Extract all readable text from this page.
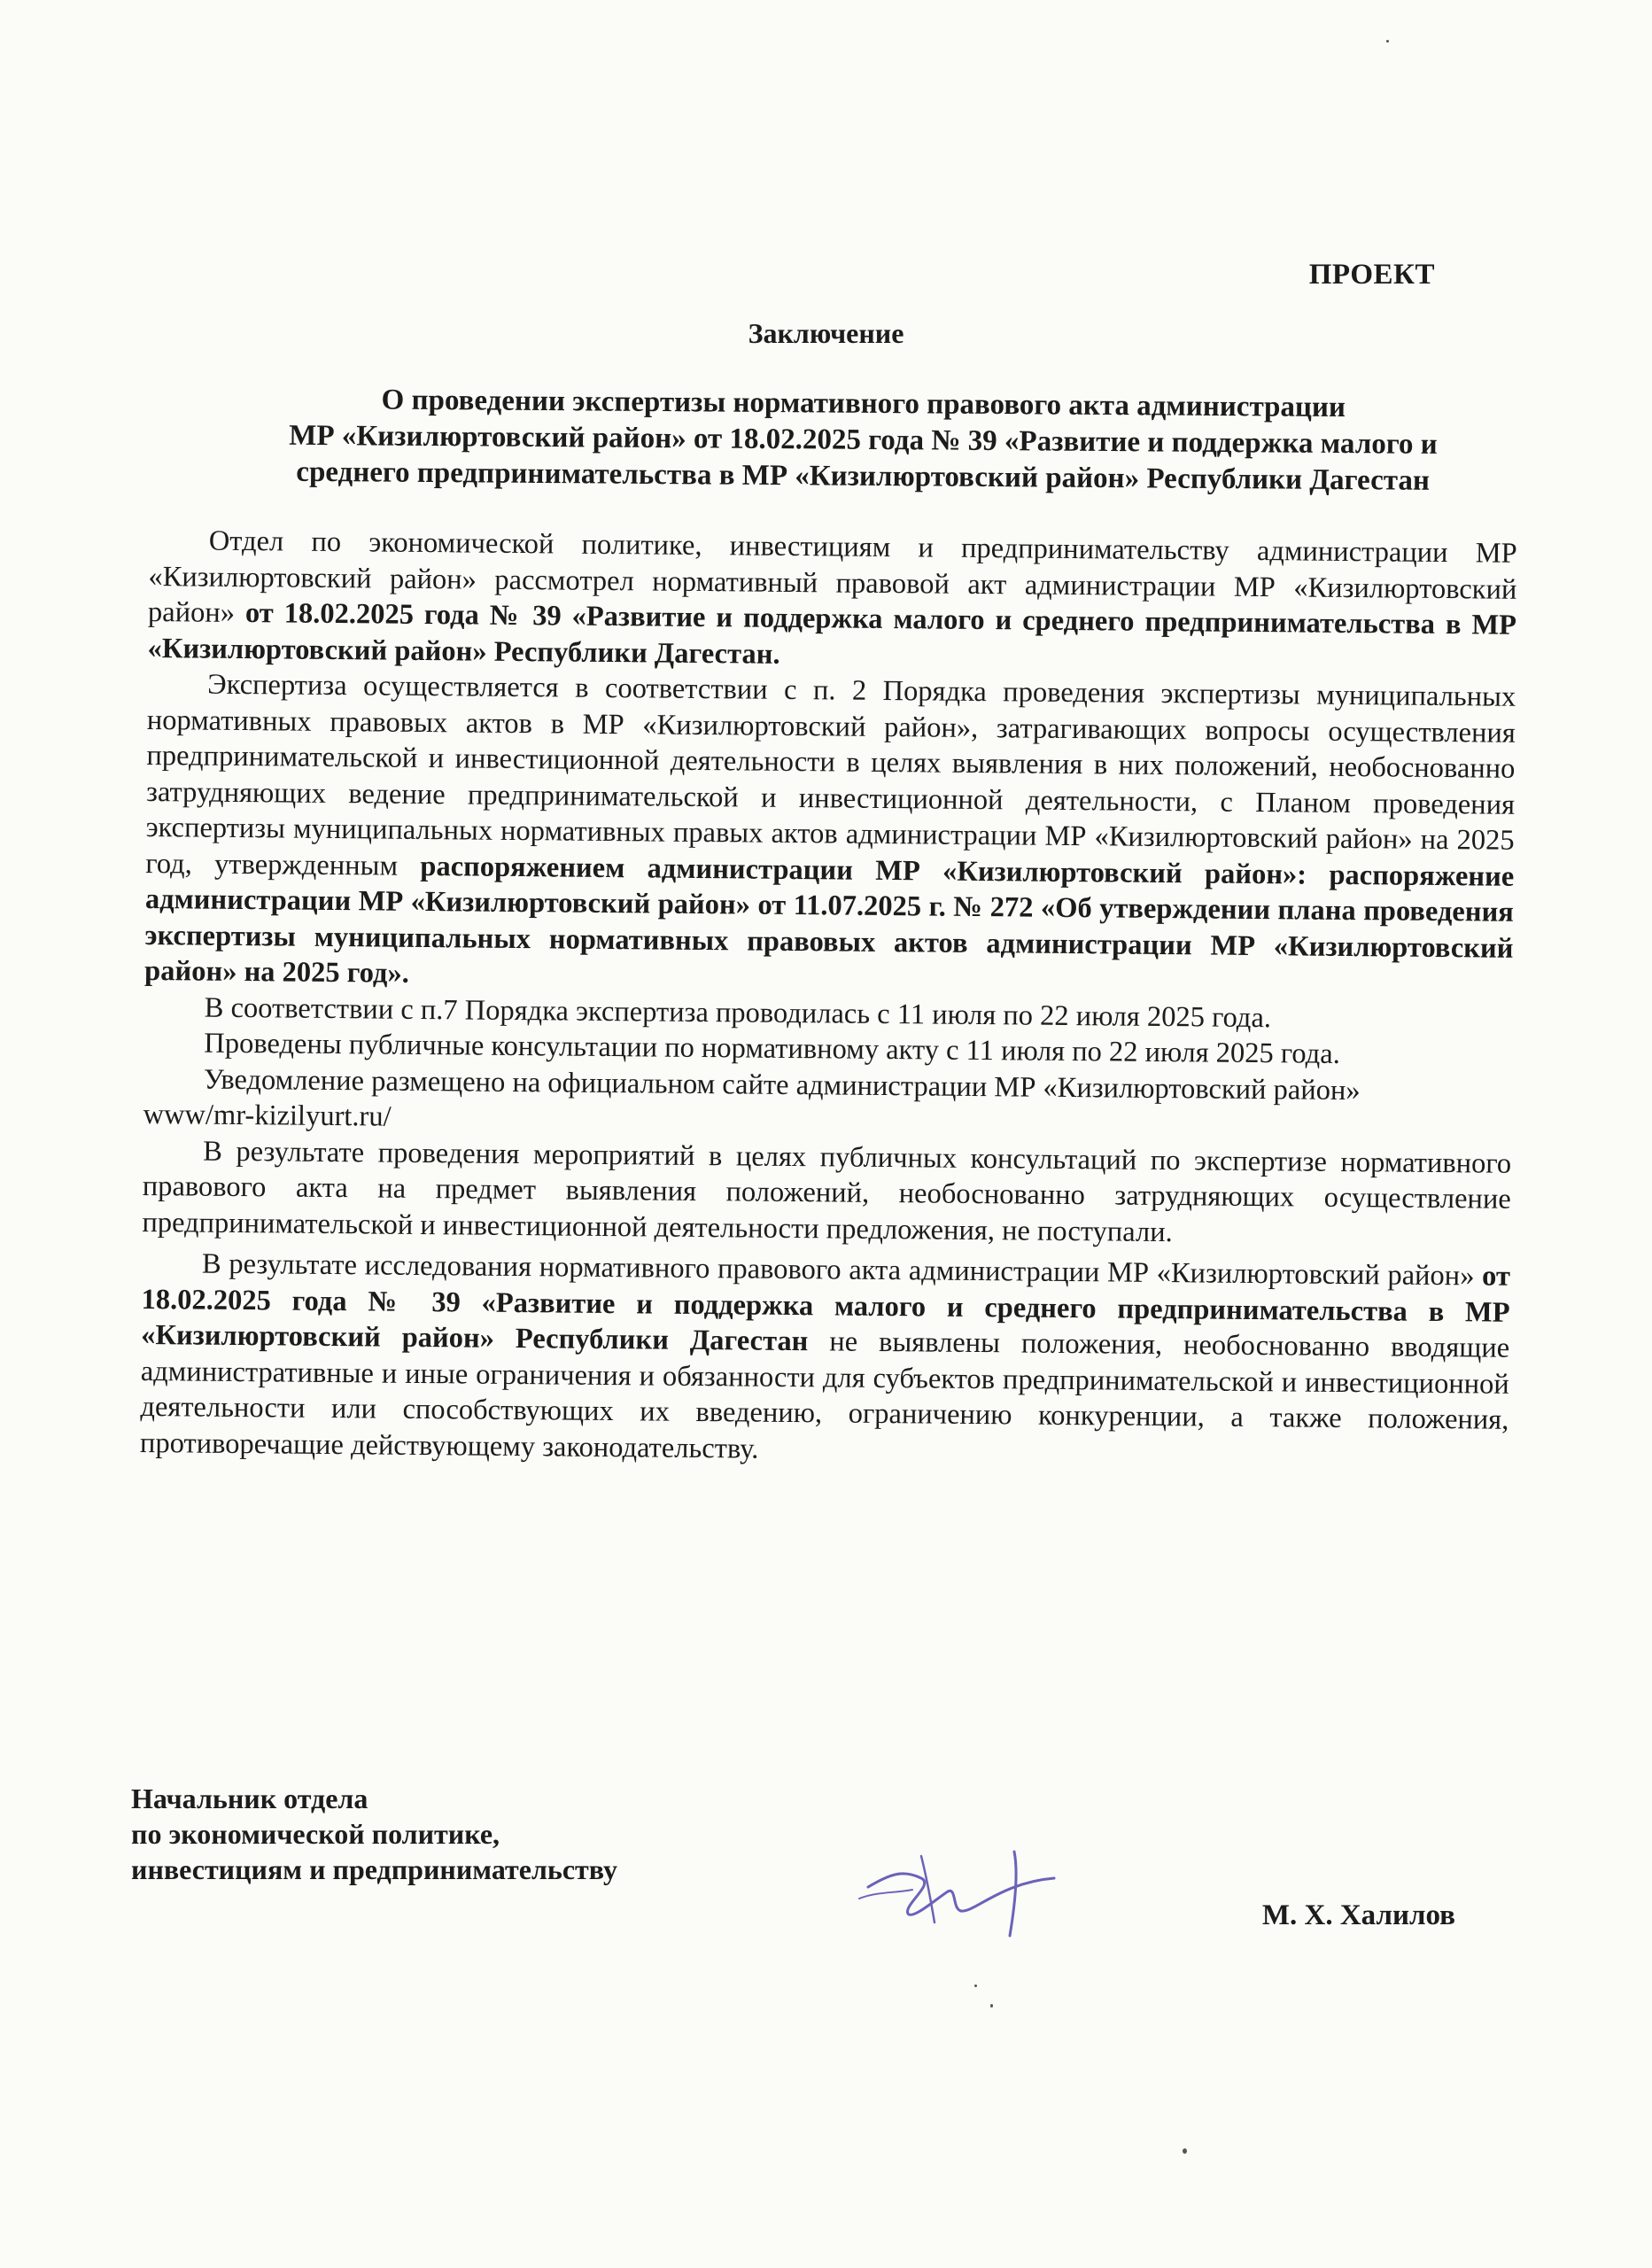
ПРОЕКТ
Заключение
О проведении экспертизы нормативного правового акта администрации
МР «Кизилюртовский район» от 18.02.2025 года № 39 «Развитие и поддержка малого и
среднего предпринимательства в МР «Кизилюртовский район» Республики Дагестан

Отдел по экономической политике, инвестициям и предпринимательству администрации МР «Кизилюртовский район» рассмотрел нормативный правовой акт администрации МР «Кизилюртовский район» от 18.02.2025 года № 39 «Развитие и поддержка малого и среднего предпринимательства в МР «Кизилюртовский район» Республики Дагестан.

Экспертиза осуществляется в соответствии с п. 2 Порядка проведения экспертизы муниципальных нормативных правовых актов в МР «Кизилюртовский район», затрагивающих вопросы осуществления предпринимательской и инвестиционной деятельности в целях выявления в них положений, необоснованно затрудняющих ведение предпринимательской и инвестиционной деятельности, с Планом проведения экспертизы муниципальных нормативных правых актов администрации МР «Кизилюртовский район» на 2025 год, утвержденным распоряжением администрации МР «Кизилюртовский район»: распоряжение администрации МР «Кизилюртовский район» от 11.07.2025 г. № 272 «Об утверждении плана проведения экспертизы муниципальных нормативных правовых актов администрации МР «Кизилюртовский район» на 2025 год».

В соответствии с п.7 Порядка экспертиза проводилась с 11 июля по 22 июля 2025 года.

Проведены публичные консультации по нормативному акту с 11 июля по 22 июля 2025 года.

Уведомление размещено на официальном сайте администрации МР «Кизилюртовский район»

www/mr-kizilyurt.ru/

В результате проведения мероприятий в целях публичных консультаций по экспертизе нормативного правового акта на предмет выявления положений, необоснованно затрудняющих осуществление предпринимательской и инвестиционной деятельности предложения, не поступали.

В результате исследования нормативного правового акта администрации МР «Кизилюртовский район» от 18.02.2025 года № 39 «Развитие и поддержка малого и среднего предпринимательства в МР «Кизилюртовский район» Республики Дагестан не выявлены положения, необоснованно вводящие административные и иные ограничения и обязанности для субъектов предпринимательской и инвестиционной деятельности или способствующих их введению, ограничению конкуренции, а также положения, противоречащие действующему законодательству.

Начальник отдела
по экономической политике,
инвестициям и предпринимательству
М. Х. Халилов
